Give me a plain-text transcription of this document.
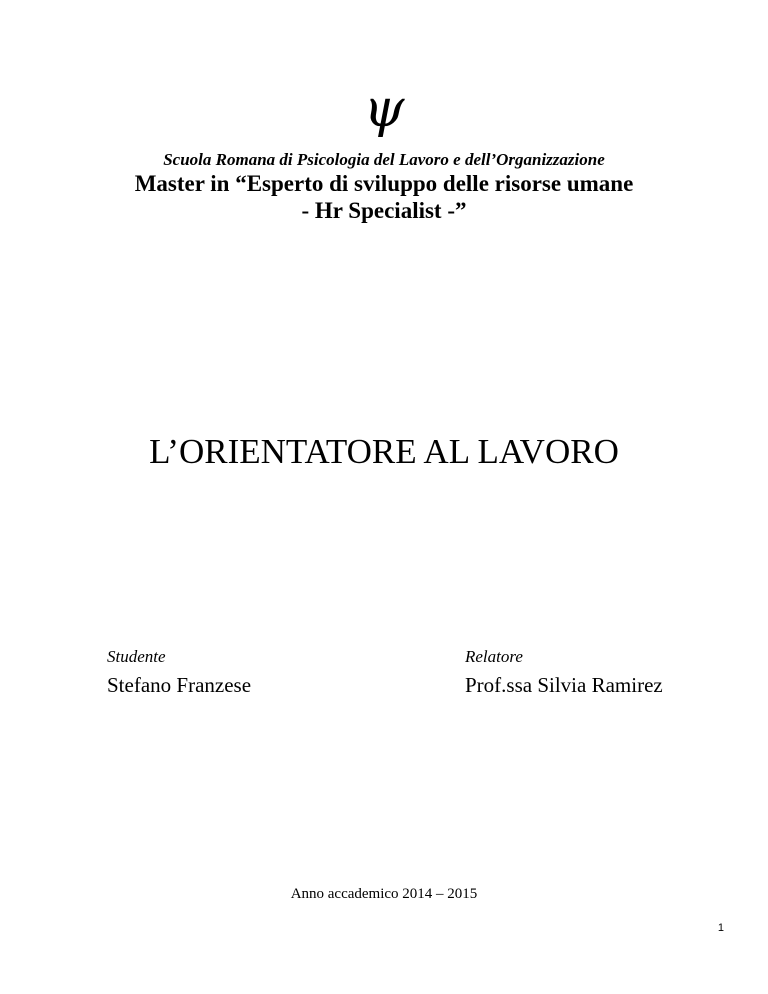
ψ
Scuola Romana di Psicologia del Lavoro e dell’Organizzazione
Master in “Esperto di sviluppo delle risorse umane
- Hr Specialist -”
L’ORIENTATORE AL LAVORO
Studente
Stefano Franzese
Relatore
Prof.ssa Silvia Ramirez
Anno accademico 2014 – 2015
1
